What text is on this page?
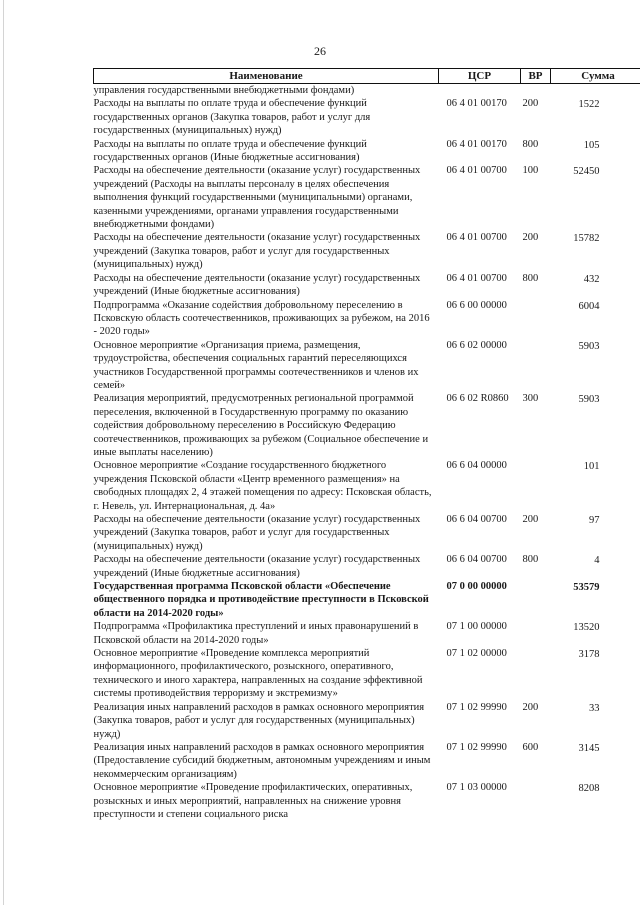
26
Наименование	ЦСР	ВР	Сумма
управления государственными внебюджетными фондами)			
Расходы на выплаты по оплате труда и обеспечение функций государственных органов (Закупка товаров, работ и услуг для государственных (муниципальных) нужд)	06 4 01 00170	200	1522
Расходы на выплаты по оплате труда и обеспечение функций государственных органов (Иные бюджетные ассигнования)	06 4 01 00170	800	105
Расходы на обеспечение деятельности (оказание услуг) государственных учреждений (Расходы на выплаты персоналу в целях обеспечения выполнения функций государственными (муниципальными) органами, казенными учреждениями, органами управления государственными внебюджетными фондами)	06 4 01 00700	100	52450
Расходы на обеспечение деятельности (оказание услуг) государственных учреждений (Закупка товаров, работ и услуг для государственных (муниципальных) нужд)	06 4 01 00700	200	15782
Расходы на обеспечение деятельности (оказание услуг) государственных учреждений (Иные бюджетные ассигнования)	06 4 01 00700	800	432
Подпрограмма «Оказание содействия добровольному переселению в Псковскую область соотечественников, проживающих за рубежом, на 2016 - 2020 годы»	06 6 00 00000		6004
Основное мероприятие «Организация приема, размещения, трудоустройства, обеспечения социальных гарантий переселяющихся участников Государственной программы соотечественников и членов их семей»	06 6 02 00000		5903
Реализация мероприятий, предусмотренных региональной программой переселения, включенной в Государственную программу по оказанию содействия добровольному переселению в Российскую Федерацию соотечественников, проживающих за рубежом (Социальное обеспечение и иные выплаты населению)	06 6 02 R0860	300	5903
Основное мероприятие «Создание государственного бюджетного учреждения Псковской области «Центр временного размещения» на свободных площадях 2, 4 этажей помещения по адресу: Псковская область, г. Невель, ул. Интернациональная, д. 4а»	06 6 04 00000		101
Расходы на обеспечение деятельности (оказание услуг) государственных учреждений (Закупка товаров, работ и услуг для государственных (муниципальных) нужд)	06 6 04 00700	200	97
Расходы на обеспечение деятельности (оказание услуг) государственных учреждений (Иные бюджетные ассигнования)	06 6 04 00700	800	4
Государственная программа Псковской области «Обеспечение общественного порядка и противодействие преступности в Псковской области на 2014-2020 годы»	07 0 00 00000		53579
Подпрограмма «Профилактика преступлений и иных правонарушений в Псковской области на 2014-2020 годы»	07 1 00 00000		13520
Основное мероприятие «Проведение комплекса мероприятий информационного, профилактического, розыскного, оперативного, технического и иного характера, направленных на создание эффективной системы противодействия терроризму и экстремизму»	07 1 02 00000		3178
Реализация иных направлений расходов в рамках основного мероприятия (Закупка товаров, работ и услуг для государственных (муниципальных) нужд)	07 1 02 99990	200	33
Реализация иных направлений расходов в рамках основного мероприятия (Предоставление субсидий бюджетным, автономным учреждениям и иным некоммерческим организациям)	07 1 02 99990	600	3145
Основное мероприятие «Проведение профилактических, оперативных, розыскных и иных мероприятий, направленных на снижение уровня преступности и степени социального риска	07 1 03 00000		8208
